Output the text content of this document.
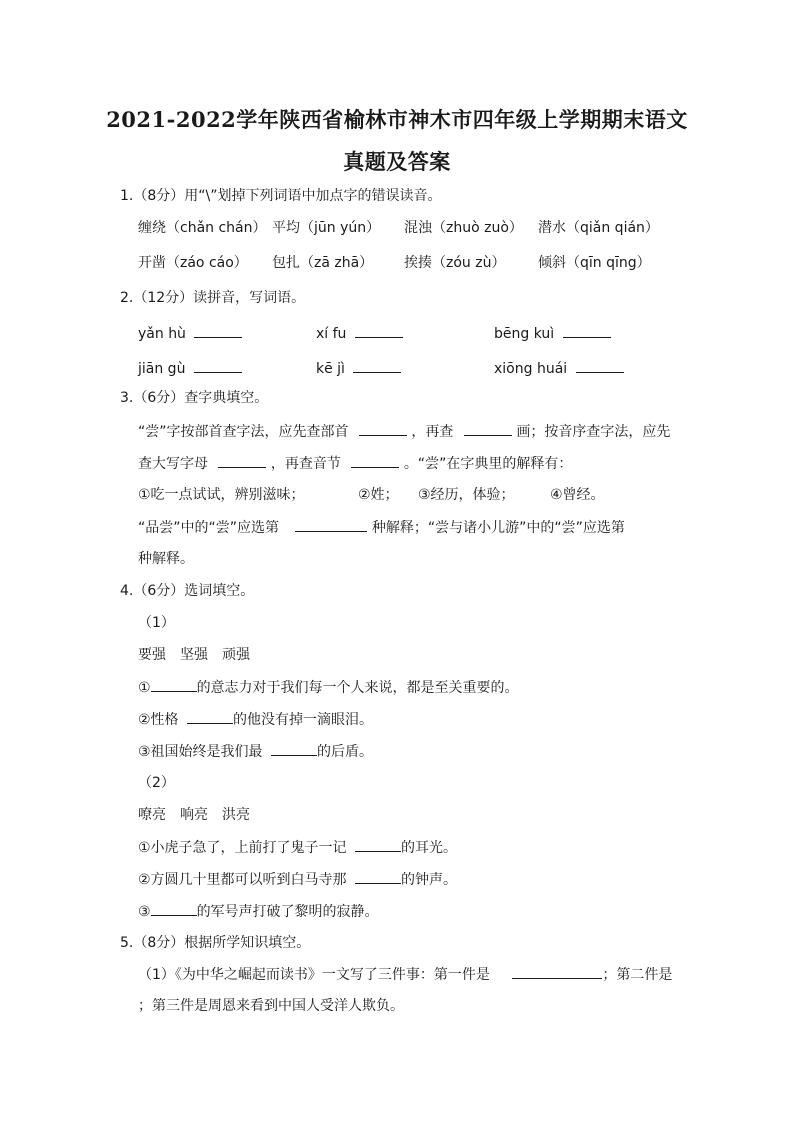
2021-2022学年陕西省榆林市神木市四年级上学期期末语文
真题及答案
1.（8分）用“\”划掉下列词语中加点字的错误读音。
缠绕（chǎn chán） 平均（jūn yún） 混浊（zhuò zuò） 潜水（qiǎn qián）
开凿（záo cáo） 包扎（zā zhā） 挨揍（zóu zù） 倾斜（qīn qīng）
2.（12分）读拼音，写词语。
yǎn hù	xí fu	bēng kuì
jiān gù	kē jì	xiōng huái
3.（6分）查字典填空。
“尝”字按部首查字法，应先查部首	，再查	画；按音序查字法，应先
查大写字母	，再查音节	。“尝”在字典里的解释有：
①吃一点试试，辨别滋味；	②姓； ③经历，体验；	④曾经。
“品尝”中的“尝”应选第	种解释；“尝与诸小儿游”中的“尝”应选第
种解释。
4.（6分）选词填空。
（1）
要强　坚强　顽强
①	的意志力对于我们每一个人来说，都是至关重要的。
②性格	的他没有掉一滴眼泪。
③祖国始终是我们最	的后盾。
（2）
嘹亮　响亮　洪亮
①小虎子急了，上前打了鬼子一记	的耳光。
②方圆几十里都可以听到白马寺那	的钟声。
③	的军号声打破了黎明的寂静。
5.（8分）根据所学知识填空。
（1）《为中华之崛起而读书》一文写了三件事：第一件是	；第二件是
；第三件是周恩来看到中国人受洋人欺负。
